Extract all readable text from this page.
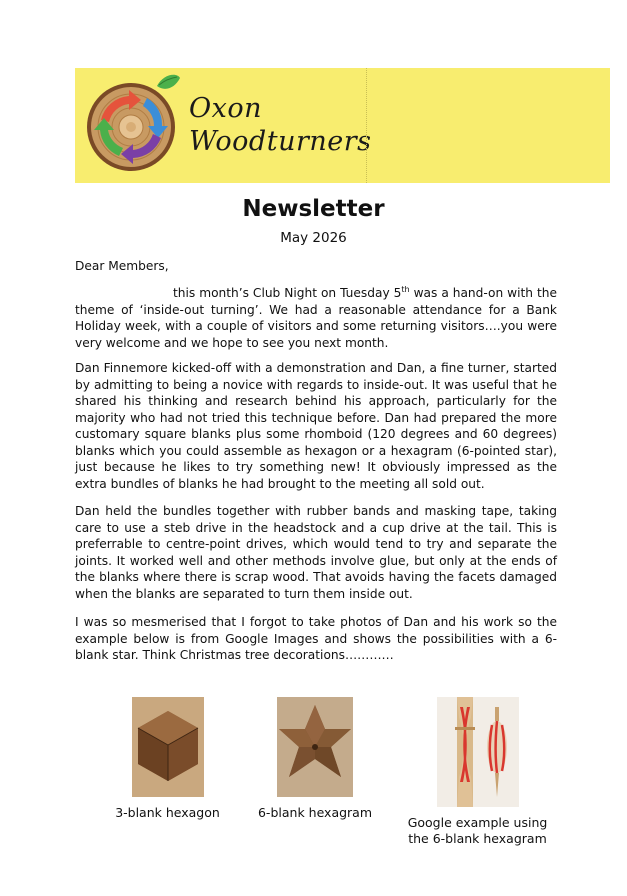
Oxon
Woodturners
Newsletter
May 2026
Dear Members,
this month’s Club Night on Tuesday 5th was a hand-on with the theme of ‘inside-out turning’. We had a reasonable attendance for a Bank Holiday week, with a couple of visitors and some returning visitors….you were very welcome and we hope to see you next month.
Dan Finnemore kicked-off with a demonstration and Dan, a fine turner, started by admitting to being a novice with regards to inside-out. It was useful that he shared his thinking and research behind his approach, particularly for the majority who had not tried this technique before. Dan had prepared the more customary square blanks plus some rhomboid (120 degrees and 60 degrees) blanks which you could assemble as hexagon or a hexagram (6-pointed star), just because he likes to try something new! It obviously impressed as the extra bundles of blanks he had brought to the meeting all sold out.
Dan held the bundles together with rubber bands and masking tape, taking care to use a steb drive in the headstock and a cup drive at the tail. This is preferrable to centre-point drives, which would tend to try and separate the joints. It worked well and other methods involve glue, but only at the ends of the blanks where there is scrap wood. That avoids having the facets damaged when the blanks are separated to turn them inside out.
I was so mesmerised that I forgot to take photos of Dan and his work so the example below is from Google Images and shows the possibilities with a 6-blank star. Think Christmas tree decorations…………
3-blank hexagon	6-blank hexagram
Google example using
the 6-blank hexagram
